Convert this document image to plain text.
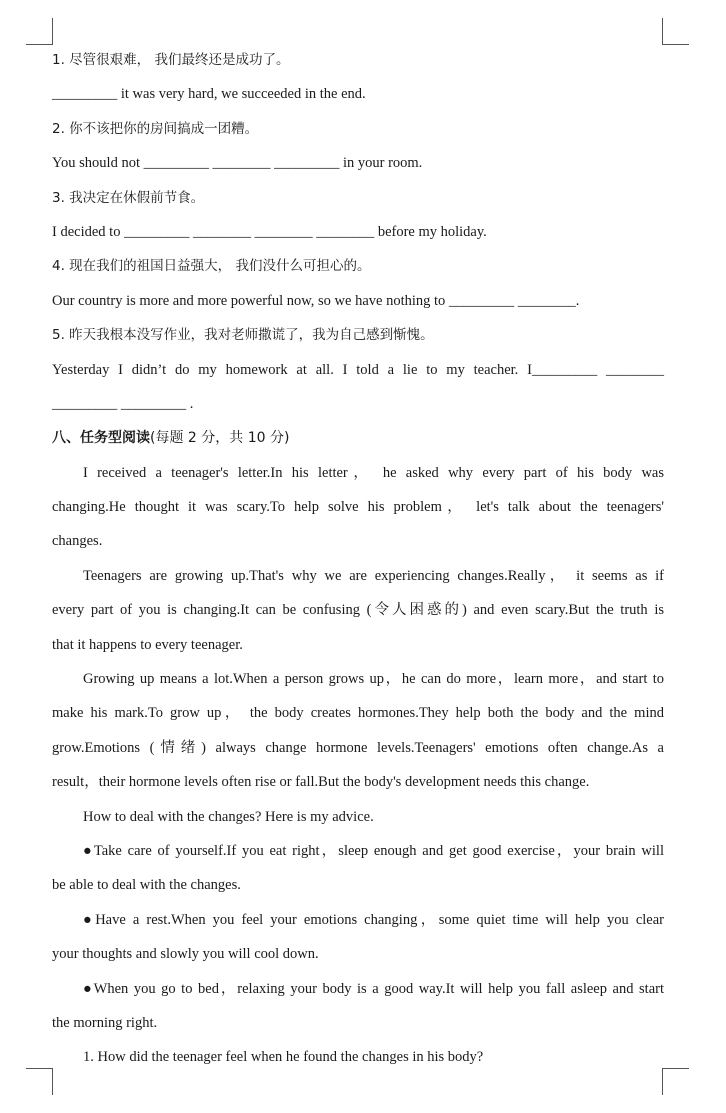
1. 尽管很艰难， 我们最终还是成功了。
_________ it was very hard, we succeeded in the end.
2. 你不该把你的房间搞成一团糟。
You should not _________ ________ _________ in your room.
3. 我决定在休假前节食。
I decided to _________ ________ ________ ________ before my holiday.
4. 现在我们的祖国日益强大， 我们没什么可担心的。
Our country is more and more powerful now, so we have nothing to _________ ________.
5. 昨天我根本没写作业，我对老师撒谎了，我为自己感到惭愧。
Yesterday I didn’t do my homework at all. I told a lie to my teacher. I_________ ________
_________ _________ .
八、任务型阅读(每题 2 分，共 10 分)
I received a teenager's letter.In his letter， he asked why every part of his body was
changing.He thought it was scary.To help solve his problem， let's talk about the teenagers'
changes.
Teenagers are growing up.That's why we are experiencing changes.Really， it seems as if
every part of you is changing.It can be confusing (令人困惑的) and even scary.But the truth is
that it happens to every teenager.
Growing up means a lot.When a person grows up，he can do more，learn more，and start to
make his mark.To grow up， the body creates hormones.They help both the body and the mind
grow.Emotions (情绪) always change hormone levels.Teenagers' emotions often change.As a
result，their hormone levels often rise or fall.But the body's development needs this change.
How to deal with the changes? Here is my advice.
●Take care of yourself.If you eat right，sleep enough and get good exercise，your brain will
be able to deal with the changes.
●Have a rest.When you feel your emotions changing，some quiet time will help you clear
your thoughts and slowly you will cool down.
●When you go to bed，relaxing your body is a good way.It will help you fall asleep and start
the morning right.
1. How did the teenager feel when he found the changes in his body?
